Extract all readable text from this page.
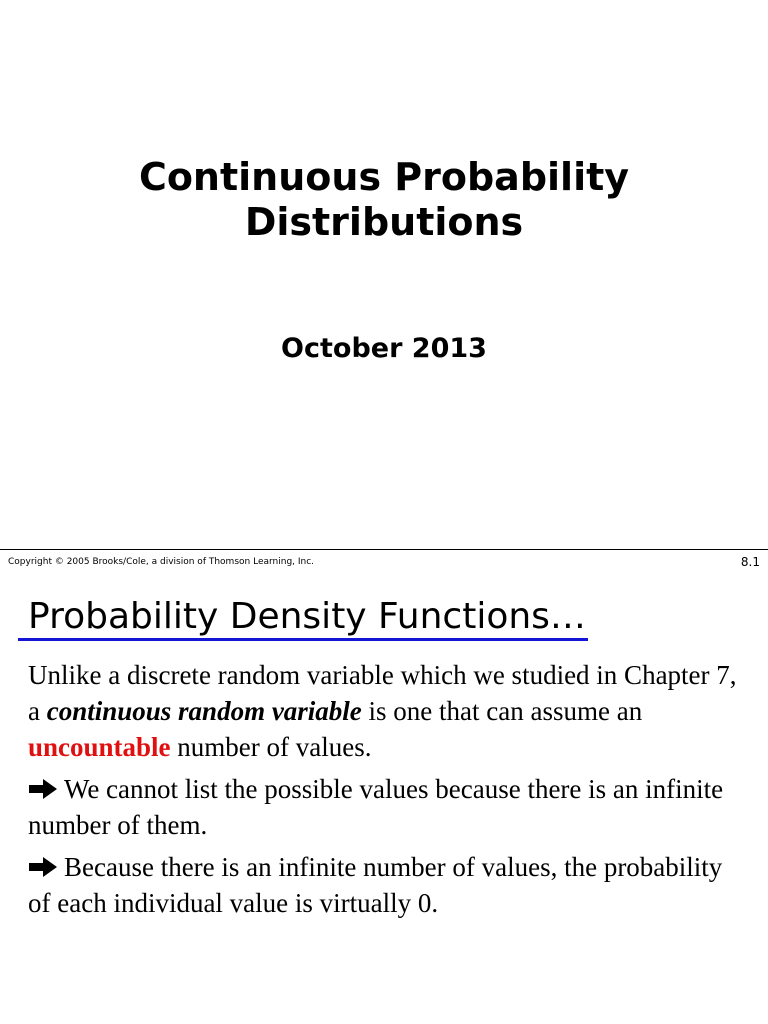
Continuous Probability
Distributions
October 2013
Copyright © 2005 Brooks/Cole, a division of Thomson Learning, Inc.	8.1
Probability Density Functions…

Unlike a discrete random variable which we studied in Chapter 7, a continuous random variable is one that can assume an uncountable number of values.

We cannot list the possible values because there is an infinite number of them.

Because there is an infinite number of values, the probability of each individual value is virtually 0.
